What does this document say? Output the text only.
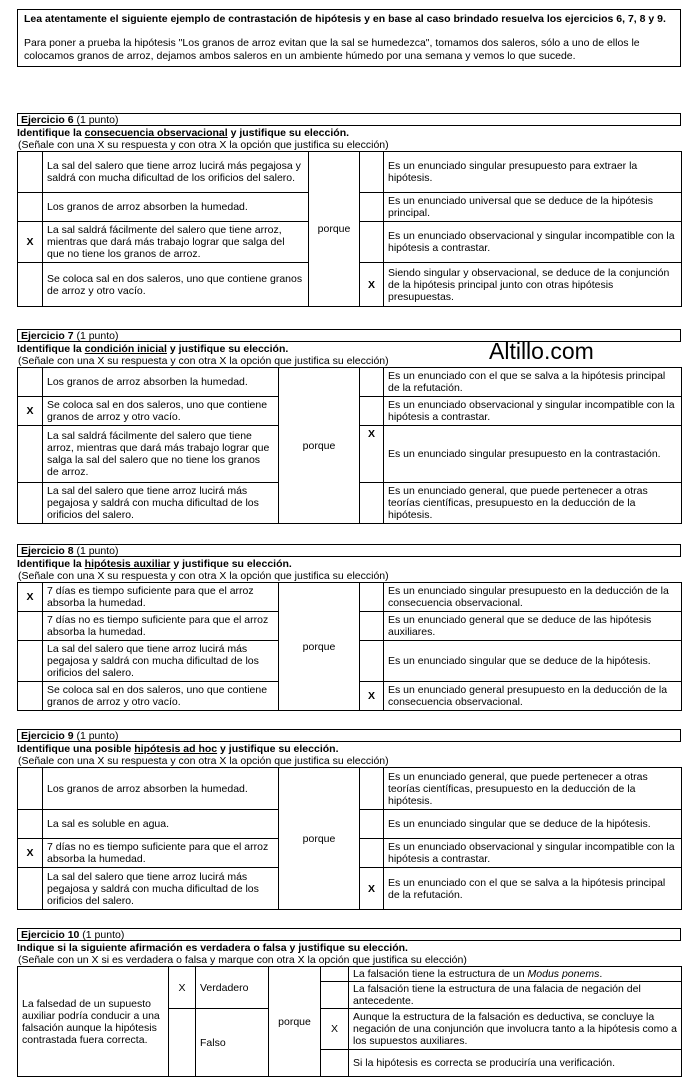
Lea atentamente el siguiente ejemplo de contrastación de hipótesis y en base al caso brindado resuelva los ejercicios 6, 7, 8 y 9.

Para poner a prueba la hipótesis "Los granos de arroz evitan que la sal se humedezca", tomamos dos saleros, sólo a uno de ellos le colocamos granos de arroz, dejamos ambos saleros en un ambiente húmedo por una semana y vemos lo que sucede.

Altillo.com
Ejercicio 6 (1 punto)
Identifique la consecuencia observacional y justifique su elección.
(Señale con una X su respuesta y con otra X la opción que justifica su elección)
	La sal del salero que tiene arroz lucirá más pegajosa y saldrá con mucha dificultad de los orificios del salero.	porque		Es un enunciado singular presupuesto para extraer la hipótesis.
	Los granos de arroz absorben la humedad.			Es un enunciado universal que se deduce de la hipótesis principal.
X	La sal saldrá fácilmente del salero que tiene arroz, mientras que dará más trabajo lograr que salga del que no tiene los granos de arroz.			Es un enunciado observacional y singular incompatible con la hipótesis a contrastar.
	Se coloca sal en dos saleros, uno que contiene granos de arroz y otro vacío.		X	Siendo singular y observacional, se deduce de la conjunción de la hipótesis principal junto con otras hipótesis presupuestas.
Ejercicio 7 (1 punto)
Identifique la condición inicial y justifique su elección.
(Señale con una X su respuesta y con otra X la opción que justifica su elección)
	Los granos de arroz absorben la humedad.	porque		Es un enunciado con el que se salva a la hipótesis principal de la refutación.
X	Se coloca sal en dos saleros, uno que contiene granos de arroz y otro vacío.			Es un enunciado observacional y singular incompatible con la hipótesis a contrastar.
	La sal saldrá fácilmente del salero que tiene arroz, mientras que dará más trabajo lograr que salga la sal del salero que no tiene los granos de arroz.		X	Es un enunciado singular presupuesto en la contrastación.
	La sal del salero que tiene arroz lucirá más pegajosa y saldrá con mucha dificultad de los orificios del salero.			Es un enunciado general, que puede pertenecer a otras teorías científicas, presupuesto en la deducción de la hipótesis.
Ejercicio 8 (1 punto)
Identifique la hipótesis auxiliar y justifique su elección.
(Señale con una X su respuesta y con otra X la opción que justifica su elección)
X	7 días es tiempo suficiente para que el arroz absorba la humedad.	porque		Es un enunciado singular presupuesto en la deducción de la consecuencia observacional.
	7 días no es tiempo suficiente para que el arroz absorba la humedad.			Es un enunciado general que se deduce de las hipótesis auxiliares.
	La sal del salero que tiene arroz lucirá más pegajosa y saldrá con mucha dificultad de los orificios del salero.			Es un enunciado singular que se deduce de la hipótesis.
	Se coloca sal en dos saleros, uno que contiene granos de arroz y otro vacío.		X	Es un enunciado general presupuesto en la deducción de la consecuencia observacional.
Ejercicio 9 (1 punto)
Identifique una posible hipótesis ad hoc y justifique su elección.
(Señale con una X su respuesta y con otra X la opción que justifica su elección)
	Los granos de arroz absorben la humedad.	porque		Es un enunciado general, que puede pertenecer a otras teorías científicas, presupuesto en la deducción de la hipótesis.
	La sal es soluble en agua.			Es un enunciado singular que se deduce de la hipótesis.
X	7 días no es tiempo suficiente para que el arroz absorba la humedad.			Es un enunciado observacional y singular incompatible con la hipótesis a contrastar.
	La sal del salero que tiene arroz lucirá más pegajosa y saldrá con mucha dificultad de los orificios del salero.		X	Es un enunciado con el que se salva a la hipótesis principal de la refutación.
Ejercicio 10 (1 punto)
Indique si la siguiente afirmación es verdadera o falsa y justifique su elección.
(Señale con un X si es verdadera o falsa y marque con otra X la opción que justifica su elección)
La falsedad de un supuesto auxiliar podría conducir a una falsación aunque la hipótesis contrastada fuera correcta.	X	Verdadero	porque		La falsación tiene la estructura de un Modus ponems.
					La falsación tiene la estructura de una falacia de negación del antecedente.
		Falso		X	Aunque la estructura de la falsación es deductiva, se concluye la negación de una conjunción que involucra tanto a la hipótesis como a los supuestos auxiliares.
					Si la hipótesis es correcta se produciría una verificación.
